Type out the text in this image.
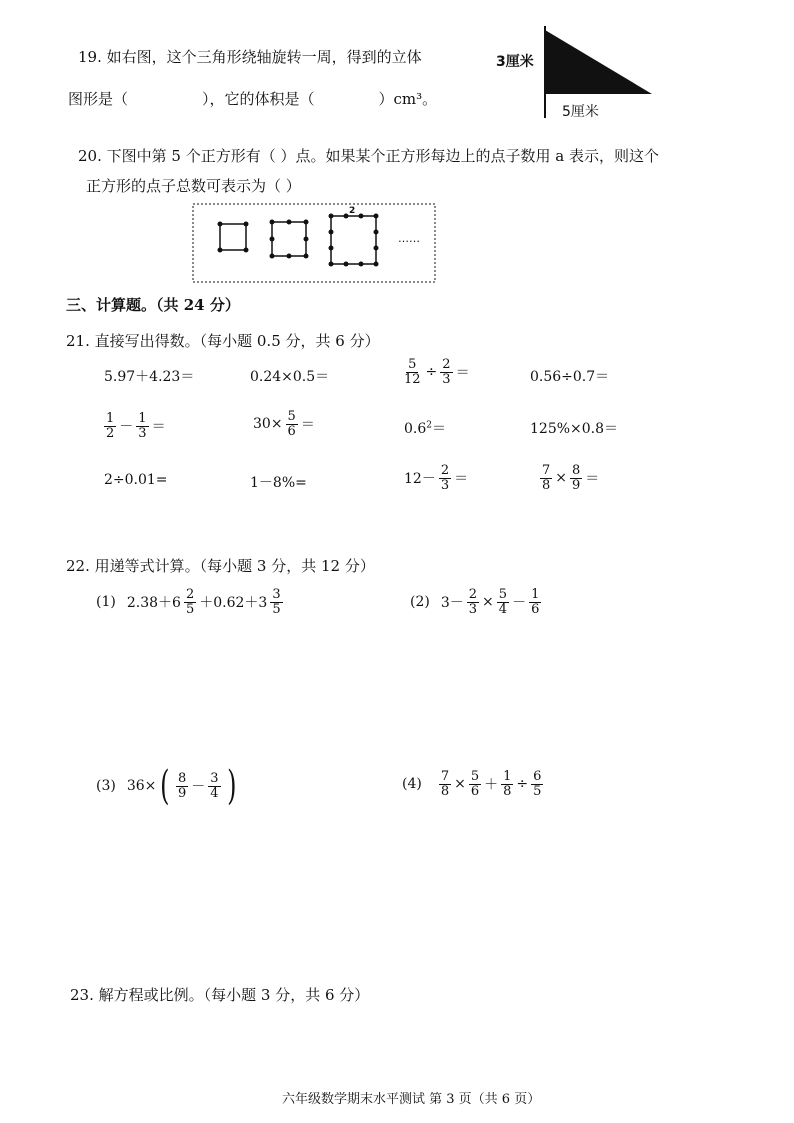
19. 如右图，这个三角形绕轴旋转一周，得到的立体
图形是（	），它的体积是（	）cm³。
3厘米
5厘米
20. 下图中第 5 个正方形有（ ）点。如果某个正方形每边上的点子数用 a 表示，则这个
正方形的点子总数可表示为（ ）
2
……
三、计算题。（共 24 分）
21. 直接写出得数。（每小题 0.5 分，共 6 分）
5.97＋4.23＝	0.24×0.5＝	$\frac{5}{12} \div \frac{2}{3}$ ＝	0.56÷0.7＝
$\frac{1}{2} - \frac{1}{3}$ ＝	$30\times \frac{5}{6}$ ＝	$0.6^2=$	125%×0.8＝
2÷0.01=	1－8%=	$12- \frac{2}{3}$ ＝	$\frac{7}{8} \times \frac{8}{9}$ ＝
22. 用递等式计算。（每小题 3 分，共 12 分）
(1) $2.38+6 \frac{2}{5} +0.62+3 \frac{3}{5}$	(2) $3- \frac{2}{3} \times \frac{5}{4} - \frac{1}{6}$
(3) 36× ( $\frac{8}{9} - \frac{3}{4}$ )	$(4) \frac{7}{8} \times \frac{5}{6} + \frac{1}{8} \div \frac{6}{5}$
23. 解方程或比例。（每小题 3 分，共 6 分）
六年级数学期末水平测试 第 3 页（共 6 页）
